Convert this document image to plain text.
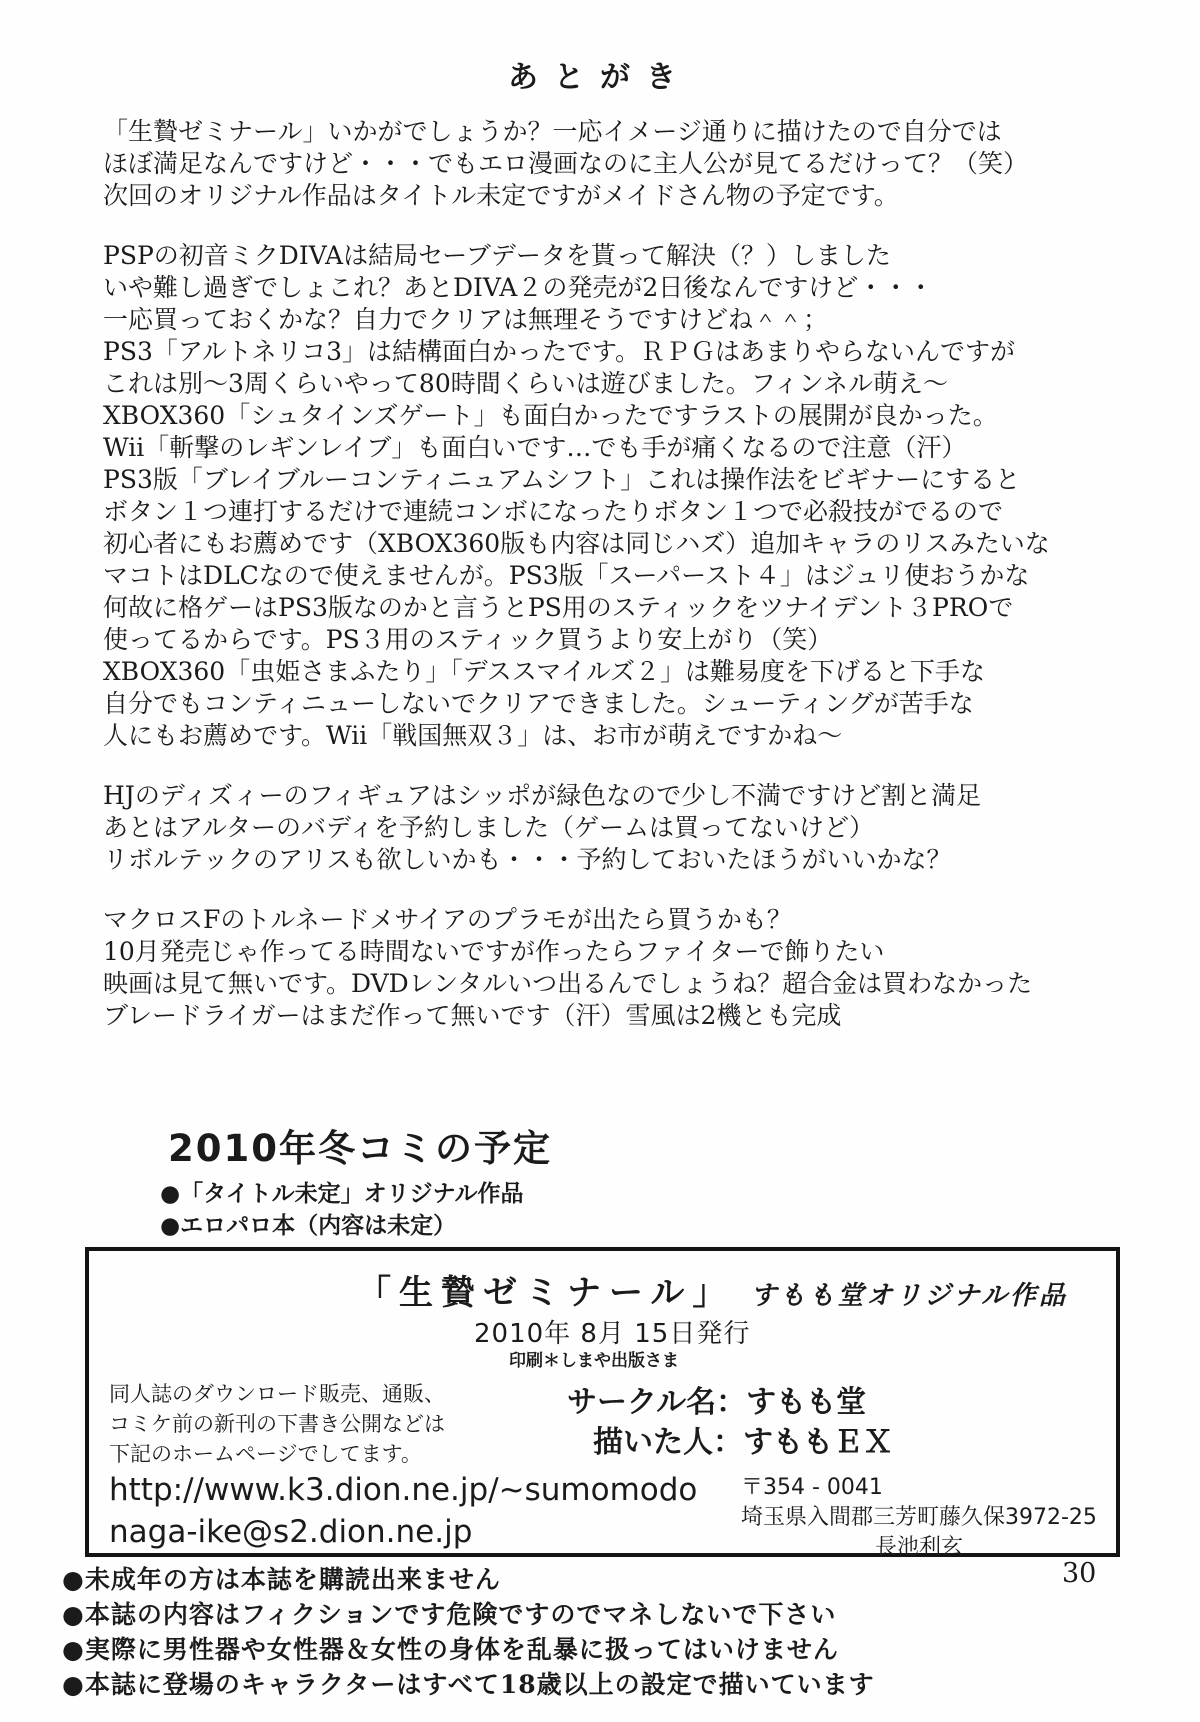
あとがき
「生贄ゼミナール」いかがでしょうか？一応イメージ通りに描けたので自分では
ほぼ満足なんですけど・・・でもエロ漫画なのに主人公が見てるだけって？（笑）
次回のオリジナル作品はタイトル未定ですがメイドさん物の予定です。
PSPの初音ミクDIVAは結局セーブデータを貰って解決（？）しました
いや難し過ぎでしょこれ？あとDIVA２の発売が2日後なんですけど・・・
一応買っておくかな？自力でクリアは無理そうですけどね＾＾；
PS3「アルトネリコ3」は結構面白かったです。ＲＰＧはあまりやらないんですが
これは別～3周くらいやって80時間くらいは遊びました。フィンネル萌え～
XBOX360「シュタインズゲート」も面白かったですラストの展開が良かった。
Wii「斬撃のレギンレイブ」も面白いです…でも手が痛くなるので注意（汗）
PS3版「ブレイブルーコンティニュアムシフト」これは操作法をビギナーにすると
ボタン１つ連打するだけで連続コンボになったりボタン１つで必殺技がでるので
初心者にもお薦めです（XBOX360版も内容は同じハズ）追加キャラのリスみたいな
マコトはDLCなので使えませんが。PS3版「スーパースト４」はジュリ使おうかな
何故に格ゲーはPS3版なのかと言うとPS用のスティックをツナイデント３PROで
使ってるからです。PS３用のスティック買うより安上がり（笑）
XBOX360「虫姫さまふたり」「デススマイルズ２」は難易度を下げると下手な
自分でもコンティニューしないでクリアできました。シューティングが苦手な
人にもお薦めです。Wii「戦国無双３」は、お市が萌えですかね～
HJのディズィーのフィギュアはシッポが緑色なので少し不満ですけど割と満足
あとはアルターのバディを予約しました（ゲームは買ってないけど）
リボルテックのアリスも欲しいかも・・・予約しておいたほうがいいかな？
マクロスFのトルネードメサイアのプラモが出たら買うかも？
10月発売じゃ作ってる時間ないですが作ったらファイターで飾りたい
映画は見て無いです。DVDレンタルいつ出るんでしょうね？超合金は買わなかった
ブレードライガーはまだ作って無いです（汗）雪風は2機とも完成
2010年冬コミの予定
●「タイトル未定」オリジナル作品
●エロパロ本（内容は未定）
「生贄ゼミナール」 すもも堂オリジナル作品
2010年 8月 15日発行
印刷＊しまや出版さま
同人誌のダウンロード販売、通販、
コミケ前の新刊の下書き公開などは
下記のホームページでしてます。
サークル名：すもも堂
描いた人：すももＥＸ
http://www.k3.dion.ne.jp/~sumomodo
naga-ike@s2.dion.ne.jp
〒354 - 0041
埼玉県入間郡三芳町藤久保3972-25
長池利玄
●未成年の方は本誌を購読出来ません
●本誌の内容はフィクションです危険ですのでマネしないで下さい
●実際に男性器や女性器＆女性の身体を乱暴に扱ってはいけません
●本誌に登場のキャラクターはすべて18歳以上の設定で描いています
30
